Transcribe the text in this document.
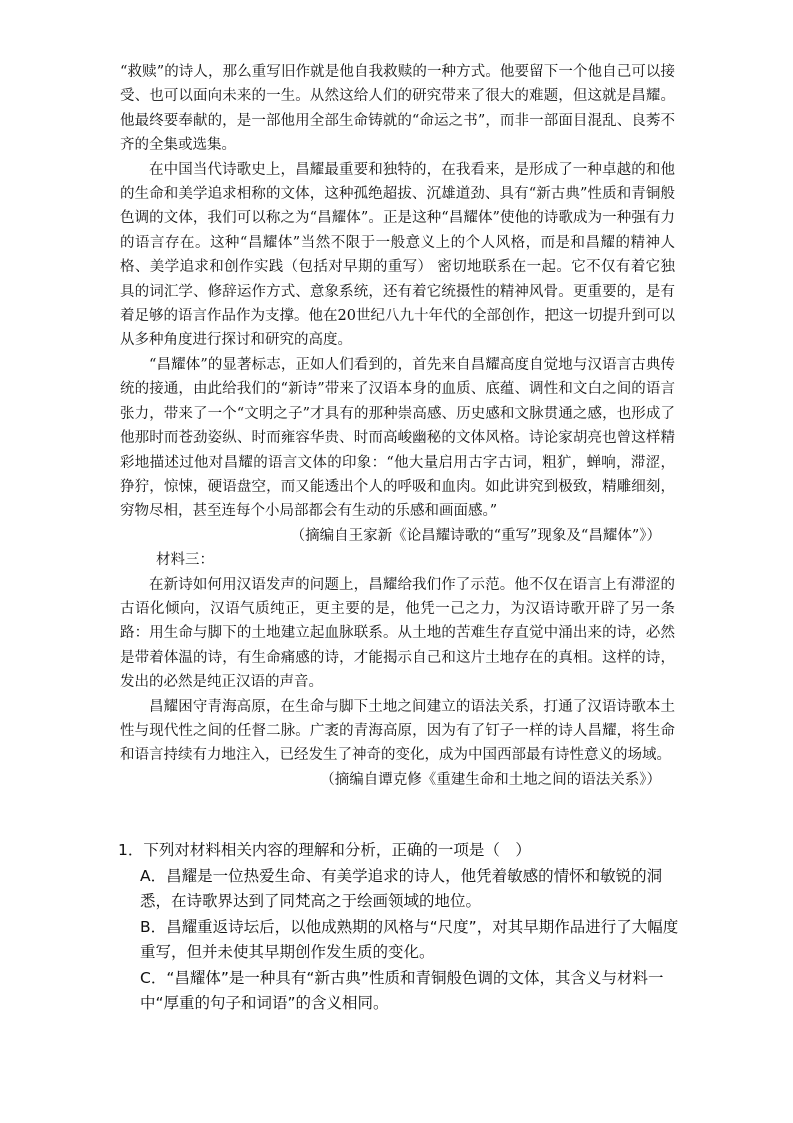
“救赎”的诗人，那么重写旧作就是他自我救赎的一种方式。他要留下一个他自己可以接受、也可以面向未来的一生。从然这给人们的研究带来了很大的难题，但这就是昌耀。他最终要奉献的，是一部他用全部生命铸就的“命运之书”，而非一部面目混乱、良莠不齐的全集或选集。

在中国当代诗歌史上，昌耀最重要和独特的，在我看来，是形成了一种卓越的和他的生命和美学追求相称的文体，这种孤绝超拔、沉雄道劲、具有“新古典”性质和青铜般色调的文体，我们可以称之为“昌耀体”。正是这种“昌耀体”使他的诗歌成为一种强有力的语言存在。这种“昌耀体”当然不限于一般意义上的个人风格，而是和昌耀的精神人格、美学追求和创作实践（包括对早期的重写） 密切地联系在一起。它不仅有着它独具的词汇学、修辞运作方式、意象系统，还有着它统摄性的精神风骨。更重要的，是有着足够的语言作品作为支撑。他在20世纪八九十年代的全部创作，把这一切提升到可以从多种角度进行探讨和研究的高度。

“昌耀体”的显著标志，正如人们看到的，首先来自昌耀高度自觉地与汉语言古典传统的接通，由此给我们的“新诗”带来了汉语本身的血质、底蕴、调性和文白之间的语言张力，带来了一个“文明之子”才具有的那种崇高感、历史感和文脉贯通之感，也形成了他那时而苍劲姿纵、时而雍容华贵、时而高峻幽秘的文体风格。诗论家胡亮也曾这样精彩地描述过他对昌耀的语言文体的印象：“他大量启用古字古词，粗犷，蝉响，滞涩，狰狞，惊悚，硬语盘空，而又能透出个人的呼吸和血肉。如此讲究到极致，精雕细刻，穷物尽相，甚至连每个小局部都会有生动的乐感和画面感。”

（摘编自王家新《论昌耀诗歌的“重写”现象及“昌耀体”》）

材料三：

在新诗如何用汉语发声的问题上，昌耀给我们作了示范。他不仅在语言上有滞涩的古语化倾向，汉语气质纯正，更主要的是，他凭一己之力，为汉语诗歌开辟了另一条路：用生命与脚下的土地建立起血脉联系。从土地的苦难生存直觉中涌出来的诗，必然是带着体温的诗，有生命痛感的诗，才能揭示自己和这片土地存在的真相。这样的诗，发出的必然是纯正汉语的声音。

昌耀困守青海高原，在生命与脚下土地之间建立的语法关系，打通了汉语诗歌本土性与现代性之间的任督二脉。广袤的青海高原，因为有了钉子一样的诗人昌耀，将生命和语言持续有力地注入，已经发生了神奇的变化，成为中国西部最有诗性意义的场域。

（摘编自谭克修《重建生命和土地之间的语法关系》）

1．下列对材料相关内容的理解和分析，正确的一项是（　）

A．昌耀是一位热爱生命、有美学追求的诗人，他凭着敏感的情怀和敏锐的洞悉，在诗歌界达到了同梵高之于绘画领域的地位。

B．昌耀重返诗坛后，以他成熟期的风格与“尺度”，对其早期作品进行了大幅度重写，但并未使其早期创作发生质的变化。

C．“昌耀体”是一种具有“新古典”性质和青铜般色调的文体，其含义与材料一中“厚重的句子和词语”的含义相同。
